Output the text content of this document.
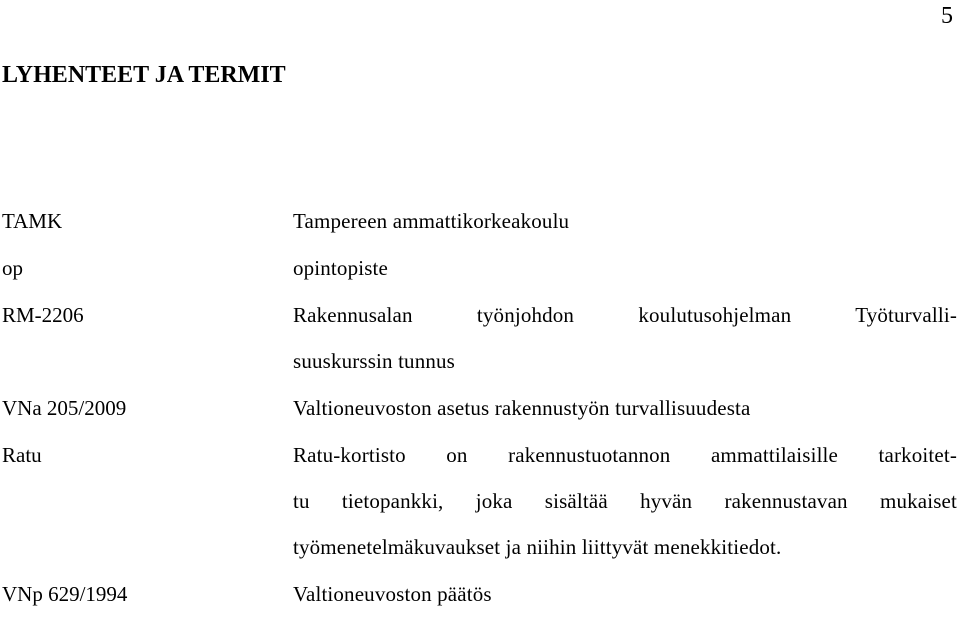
5
LYHENTEET JA TERMIT
TAMK	Tampereen ammattikorkeakoulu
op	opintopiste
RM-2206	Rakennusalan työnjohdon koulutusohjelman Työturvalli-
suuskurssin tunnus
VNa 205/2009	Valtioneuvoston asetus rakennustyön turvallisuudesta
Ratu	Ratu-kortisto on rakennustuotannon ammattilaisille tarkoitet-
tu tietopankki, joka sisältää hyvän rakennustavan mukaiset
työmenetelmäkuvaukset ja niihin liittyvät menekkitiedot.
VNp 629/1994	Valtioneuvoston päätös
